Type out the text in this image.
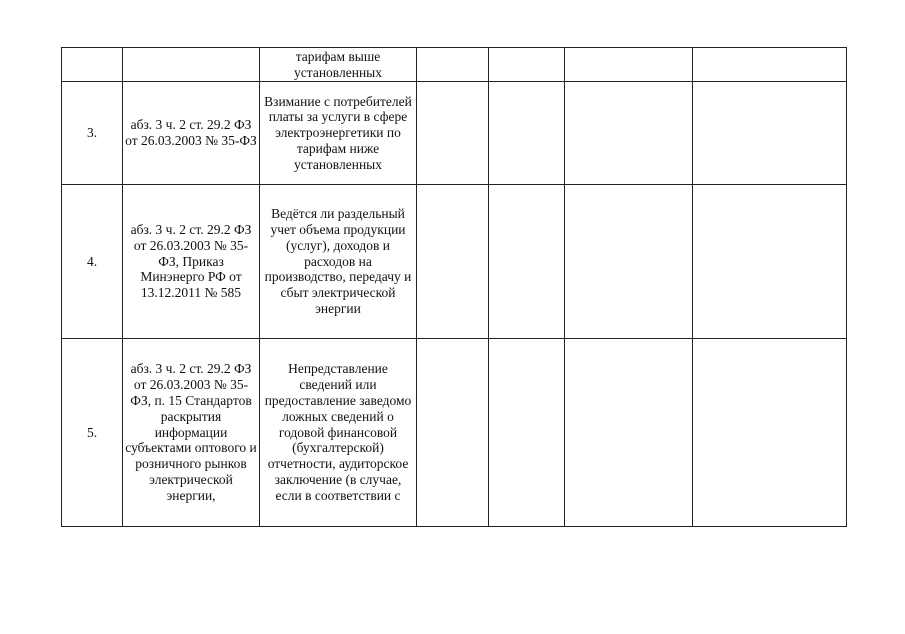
		тарифам выше установленных				
3.	абз. 3 ч. 2 ст. 29.2 ФЗ от 26.03.2003 № 35-ФЗ	Взимание с потребителей платы за услуги в сфере электроэнергетики по тарифам ниже установленных				
4.	абз. 3 ч. 2 ст. 29.2 ФЗ от 26.03.2003 № 35-ФЗ, Приказ Минэнерго РФ от 13.12.2011 № 585	Ведётся ли раздельный учет объема продукции (услуг), доходов и расходов на производство, передачу и сбыт электрической энергии				
5.	абз. 3 ч. 2 ст. 29.2 ФЗ от 26.03.2003 № 35-ФЗ, п. 15 Стандартов раскрытия информации субъектами оптового и розничного рынков электрической энергии,	Непредставление сведений или предоставление заведомо ложных сведений о годовой финансовой (бухгалтерской) отчетности, аудиторское заключение (в случае, если в соответствии с				
